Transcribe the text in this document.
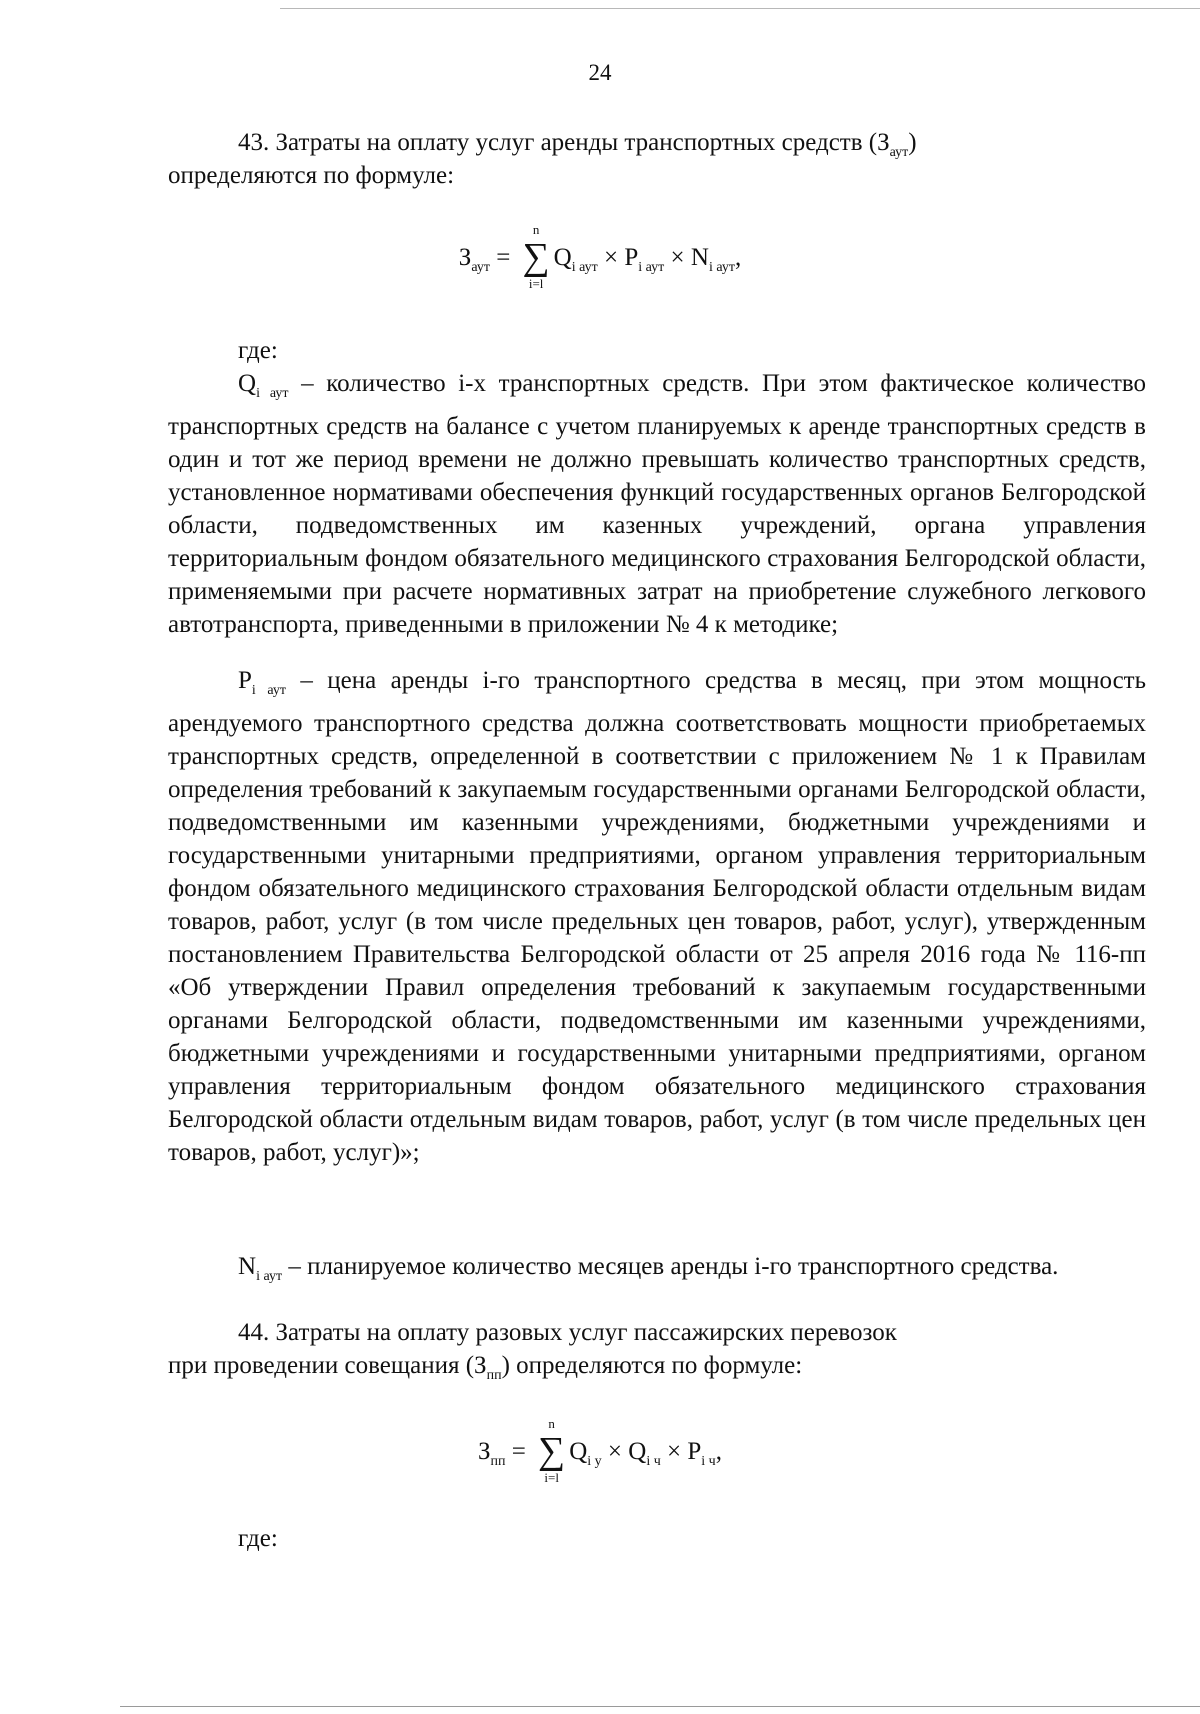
24
43. Затраты на оплату услуг аренды транспортных средств $(З_{аут})$
определяются по формуле:
$З_{аут}$ =
n
∑
i=l
$Q_{i аут} \times P_{i аут} \times N_{i аут}$,
где:
$Q_{i аут}$ – количество i-х транспортных средств. При этом фактическое количество транспортных средств на балансе с учетом планируемых к аренде транспортных средств в один и тот же период времени не должно превышать количество транспортных средств, установленное нормативами обеспечения функций государственных органов Белгородской области, подведомственных им казенных учреждений, органа управления территориальным фондом обязательного медицинского страхования Белгородской области, применяемыми при расчете нормативных затрат на приобретение служебного легкового автотранспорта, приведенными в приложении № 4 к методике;
$P_{i аут}$ – цена аренды i-го транспортного средства в месяц, при этом мощность арендуемого транспортного средства должна соответствовать мощности приобретаемых транспортных средств, определенной в соответствии с приложением № 1 к Правилам определения требований к закупаемым государственными органами Белгородской области, подведомственными им казенными учреждениями, бюджетными учреждениями и государственными унитарными предприятиями, органом управления территориальным фондом обязательного медицинского страхования Белгородской области отдельным видам товаров, работ, услуг (в том числе предельных цен товаров, работ, услуг), утвержденным постановлением Правительства Белгородской области от 25 апреля 2016 года № 116-пп «Об утверждении Правил определения требований к закупаемым государственными органами Белгородской области, подведомственными им казенными учреждениями, бюджетными учреждениями и государственными унитарными предприятиями, органом управления территориальным фондом обязательного медицинского страхования Белгородской области отдельным видам товаров, работ, услуг (в том числе предельных цен товаров, работ, услуг)»;
$N_{i аут}$ – планируемое количество месяцев аренды i-го транспортного средства.
44. Затраты на оплату разовых услуг пассажирских перевозок
при проведении совещания $(З_{пп})$ определяются по формуле:
$З_{пп}$ =
n
∑
i=l
$Q_{i у} \times Q_{i ч} \times P_{i ч}$,
где:
